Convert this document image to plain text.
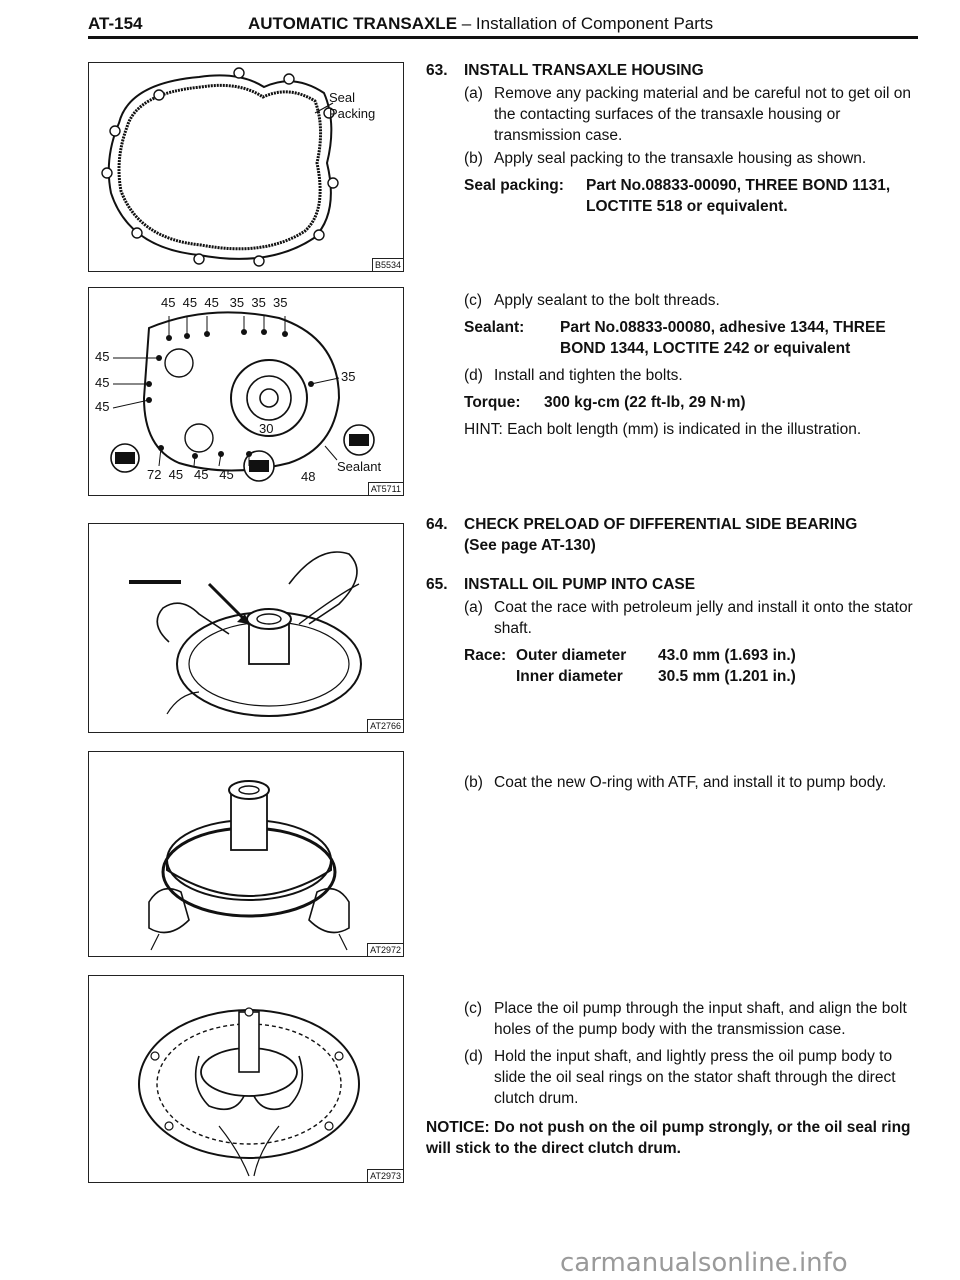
AT-154	AUTOMATIC TRANSAXLE – Installation of Component Parts
Seal
Packing
B5534
45  45  45   35  35  35
45
45
45
35
30
72  45   45   45	48
Sealant
AT5711
AT2766
AT2972
AT2973
63.	INSTALL TRANSAXLE HOUSING
(a) Remove any packing material and be careful not to get oil on the contacting surfaces of the transaxle housing or transmission case.
(b) Apply seal packing to the transaxle housing as shown.
Seal packing:	Part No.08833-00090, THREE BOND 1131, LOCTITE 518 or equivalent.
(c) Apply sealant to the bolt threads.
Sealant:	Part No.08833-00080, adhesive 1344, THREE BOND 1344, LOCTITE 242 or equivalent
(d) Install and tighten the bolts.
Torque:	300 kg-cm (22 ft-lb, 29 N·m)
HINT: Each bolt length (mm) is indicated in the illustration.
64.	CHECK PRELOAD OF DIFFERENTIAL SIDE BEARING
(See page AT-130)
65.	INSTALL OIL PUMP INTO CASE
(a) Coat the race with petroleum jelly and install it onto the stator shaft.
Race: Outer diameter	43.0 mm (1.693 in.)
Inner diameter	30.5 mm (1.201 in.)
(b) Coat the new O-ring with ATF, and install it to pump body.
(c) Place the oil pump through the input shaft, and align the bolt holes of the pump body with the transmission case.
(d) Hold the input shaft, and lightly press the oil pump body to slide the oil seal rings on the stator shaft through the direct clutch drum.
NOTICE: Do not push on the oil pump strongly, or the oil seal ring will stick to the direct clutch drum.
carmanualsonline.info
